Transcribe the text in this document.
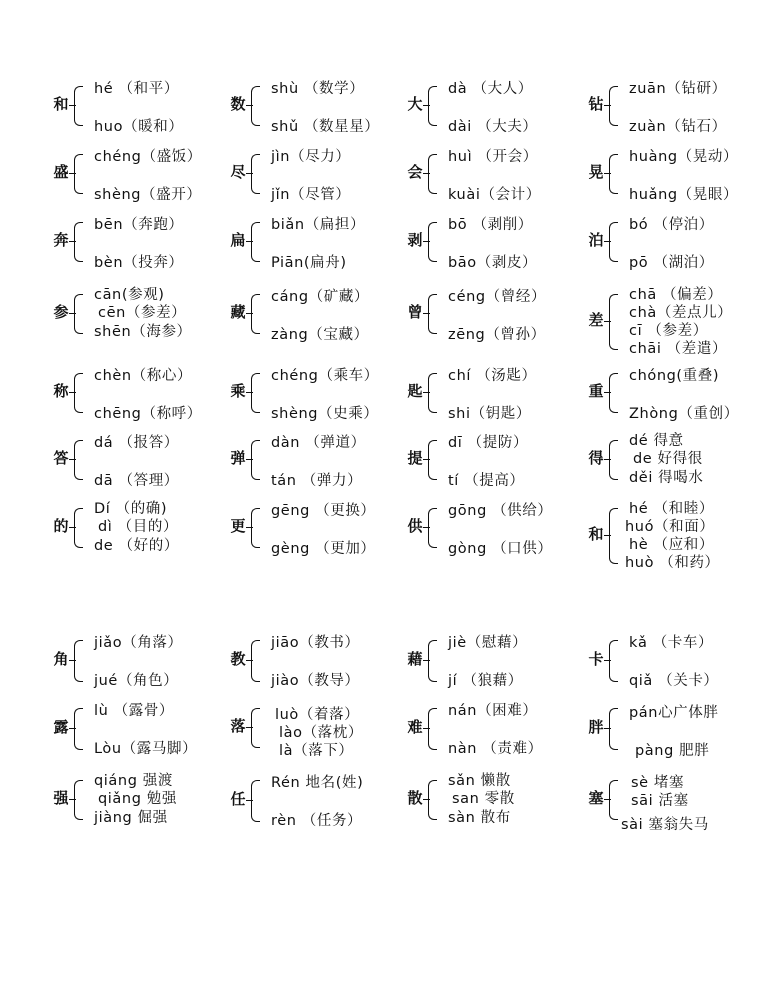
和
hé （和平）
huo（暖和）
数
shù （数学）
shǔ （数星星）
大
dà （大人）
dài （大夫）
钻
zuān（钻研）
zuàn（钻石）
盛
chéng（盛饭）
shèng（盛开）
尽
jìn（尽力）
jǐn（尽管）
会
huì （开会）
kuài（会计）
晃
huàng（晃动）
huǎng（晃眼）
奔
bēn（奔跑）
bèn（投奔）
扁
biǎn（扁担）
Piān(扁舟)
剥
bō （剥削）
bāo（剥皮）
泊
bó （停泊）
pō （湖泊）
参
cān(参观)
cēn（参差）
shēn（海参）
藏
cáng（矿藏）
zàng（宝藏）
曾
céng（曾经）
zēng（曾孙）
差
chā （偏差）
chà（差点儿）
cī （参差）
chāi （差遣）
称
chèn（称心）
chēng（称呼）
乘
chéng（乘车）
shèng（史乘）
匙
chí （汤匙）
shi（钥匙）
重
chóng(重叠)
Zhòng（重创）
答
dá （报答）
dā （答理）
弹
dàn （弹道）
tán （弹力）
提
dī （提防）
tí （提高）
得
dé 得意
de 好得很
děi 得喝水
的
Dí （的确)
dì （目的）
de （好的）
更
gēng （更换）
gèng （更加）
供
gōng （供给）
gòng （口供）
和
hé （和睦）
huó（和面）
hè （应和）
huò （和药）
角
jiǎo（角落）
jué（角色）
教
jiāo（教书）
jiào（教导）
藉
jiè（慰藉）
jí （狼藉）
卡
kǎ （卡车）
qiǎ （关卡）
露
lù （露骨）
Lòu（露马脚）
落
luò（着落）
lào（落枕）
là（落下）
难
nán（困难）
nàn （责难）
胖
pán心广体胖
pàng 肥胖
强
qiáng 强渡
qiǎng 勉强
jiàng 倔强
任
Rén 地名(姓)
rèn （任务）
散
sǎn 懒散
san 零散
sàn 散布
塞
sè 堵塞
sāi 活塞
sài 塞翁失马
